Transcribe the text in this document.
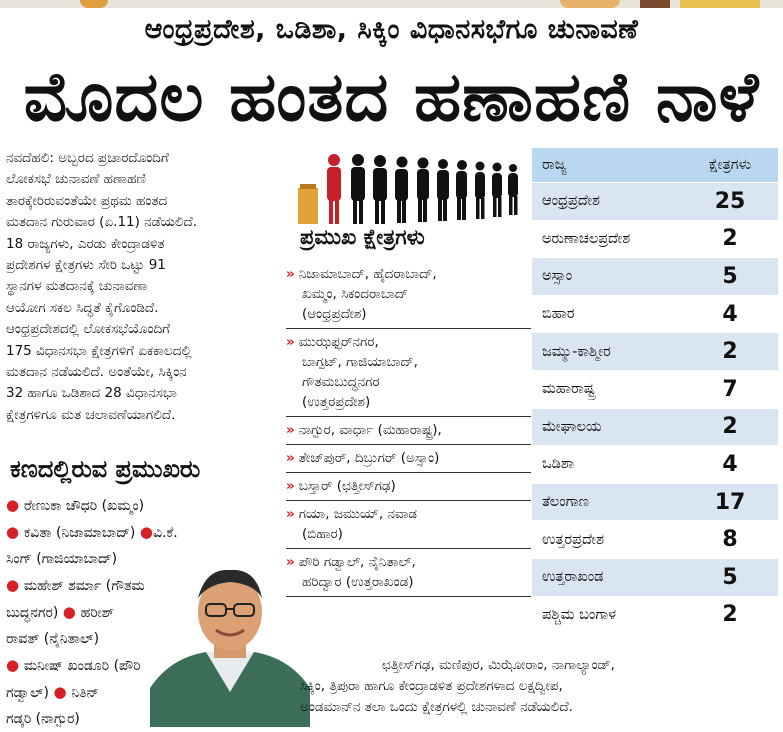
ಆಂಧ್ರಪ್ರದೇಶ, ಒಡಿಶಾ, ಸಿಕ್ಕಿಂ ವಿಧಾನಸಭೆಗೂ ಚುನಾವಣೆ
ಮೊದಲ ಹಂತದ ಹಣಾಹಣಿ ನಾಳೆ

ನವದೆಹಲಿ: ಅಬ್ಬರದ ಪ್ರಚಾರದೊಂದಿಗೆ

ಲೋಕಸಭೆ ಚುನಾವಣೆ ಹಣಾಹಣಿ

ತಾರಕ್ಕೇರಿರುವಂತೆಯೇ ಪ್ರಥಮ ಹಂತದ

ಮತದಾನ ಗುರುವಾರ (ಏ.11) ನಡೆಯಲಿದೆ.

18 ರಾಜ್ಯಗಳು, ಎರಡು ಕೇಂದ್ರಾಡಳಿತ

ಪ್ರದೇಶಗಳ ಕ್ಷೇತ್ರಗಳು ಸೇರಿ ಒಟ್ಟು 91

ಸ್ಥಾನಗಳ ಮತದಾನಕ್ಕೆ ಚುನಾವಣಾ

ಆಯೋಗ ಸಕಲ ಸಿದ್ಧತೆ ಕೈಗೊಂಡಿದೆ.

ಆಂಧ್ರಪ್ರದೇಶದಲ್ಲಿ ಲೋಕಸಭೆಯೊಂದಿಗೆ

175 ವಿಧಾನಸಭಾ ಕ್ಷೇತ್ರಗಳಿಗೆ ಏಕಕಾಲದಲ್ಲಿ

ಮತದಾನ ನಡೆಯಲಿದೆ. ಅಂತೆಯೇ, ಸಿಕ್ಕಿಂನ

32 ಹಾಗೂ ಒಡಿಶಾದ 28 ವಿಧಾನಸಭಾ

ಕ್ಷೇತ್ರಗಳಿಗೂ ಮತ ಚಲಾವಣೆಯಾಗಲಿದೆ.

ಕಣದಲ್ಲಿರುವ ಪ್ರಮುಖರು
● ರೇಣುಕಾ ಚೌಧರಿ (ಖಮ್ಮಂ)
● ಕವಿತಾ (ನಿಜಾಮಾಬಾದ್) ●ವಿ.ಕೆ.
ಸಿಂಗ್ (ಗಾಜಿಯಾಬಾದ್)
● ಮಹೇಶ್ ಶರ್ಮಾ (ಗೌತಮ
ಬುದ್ಧನಗರ) ● ಹರೀಶ್
ರಾವತ್ (ನೈನಿತಾಲ್)
● ಮನೀಷ್ ಖಂಡೂರಿ (ಪೌರಿ
ಗಡ್ವಾಲ್) ● ನಿತಿನ್
ಗಡ್ಕರಿ (ನಾಗ್ಪುರ)
ಪ್ರಮುಖ ಕ್ಷೇತ್ರಗಳು
» ನಿಜಾಮಾಬಾದ್, ಹೈದರಾಬಾದ್,
ಖಮ್ಮಂ, ಸಿಕಂದರಾಬಾದ್
(ಆಂಧ್ರಪ್ರದೇಶ)
» ಮುಝಫ್ಫರ್‌ನಗರ,
ಬಾಗ್ಪಟ್, ಗಾಜಿಯಾಬಾದ್,
ಗೌತಮಬುದ್ಧನಗರ
(ಉತ್ತರಪ್ರದೇಶ)
» ನಾಗ್ಪುರ, ವಾರ್ಧಾ (ಮಹಾರಾಷ್ಟ್ರ),
» ತೇಜ್‌ಪುರ್, ದಿಬ್ರುಗರ್ (ಅಸ್ಸಾಂ)
» ಬಸ್ತಾರ್ (ಛತ್ತೀಸ್‌ಗಢ)
» ಗಯಾ, ಜಮುಯ್, ನವಾಡ
(ಬಿಹಾರ)
» ಪೌರಿ ಗಡ್ವಾಲ್, ನೈನಿತಾಲ್,
ಹರಿದ್ವಾರ (ಉತ್ತರಾಖಂಡ)
ರಾಜ್ಯ	ಕ್ಷೇತ್ರಗಳು
ಆಂಧ್ರಪ್ರದೇಶ	25
ಅರುಣಾಚಲಪ್ರದೇಶ	2
ಅಸ್ಸಾಂ	5
ಬಿಹಾರ	4
ಜಮ್ಮು-ಕಾಶ್ಮೀರ	2
ಮಹಾರಾಷ್ಟ್ರ	7
ಮೇಘಾಲಯ	2
ಒಡಿಶಾ	4
ತೆಲಂಗಾಣ	17
ಉತ್ತರಪ್ರದೇಶ	8
ಉತ್ತರಾಖಂಡ	5
ಪಶ್ಚಿಮ ಬಂಗಾಳ	2
ಛತ್ತೀಸ್‌ಗಢ, ಮಣಿಪುರ, ಮಿಝೋರಾಂ, ನಾಗಾಲ್ಯಾಂಡ್,
ಸಿಕ್ಕಿಂ, ತ್ರಿಪುರಾ ಹಾಗೂ ಕೇಂದ್ರಾಡಳಿತ ಪ್ರದೇಶಗಳಾದ ಲಕ್ಷದ್ವೀಪ,
ಅಂಡಮಾನ್‌ನ ತಲಾ ಒಂದು ಕ್ಷೇತ್ರಗಳಲ್ಲಿ ಚುನಾವಣೆ ನಡೆಯಲಿದೆ.
